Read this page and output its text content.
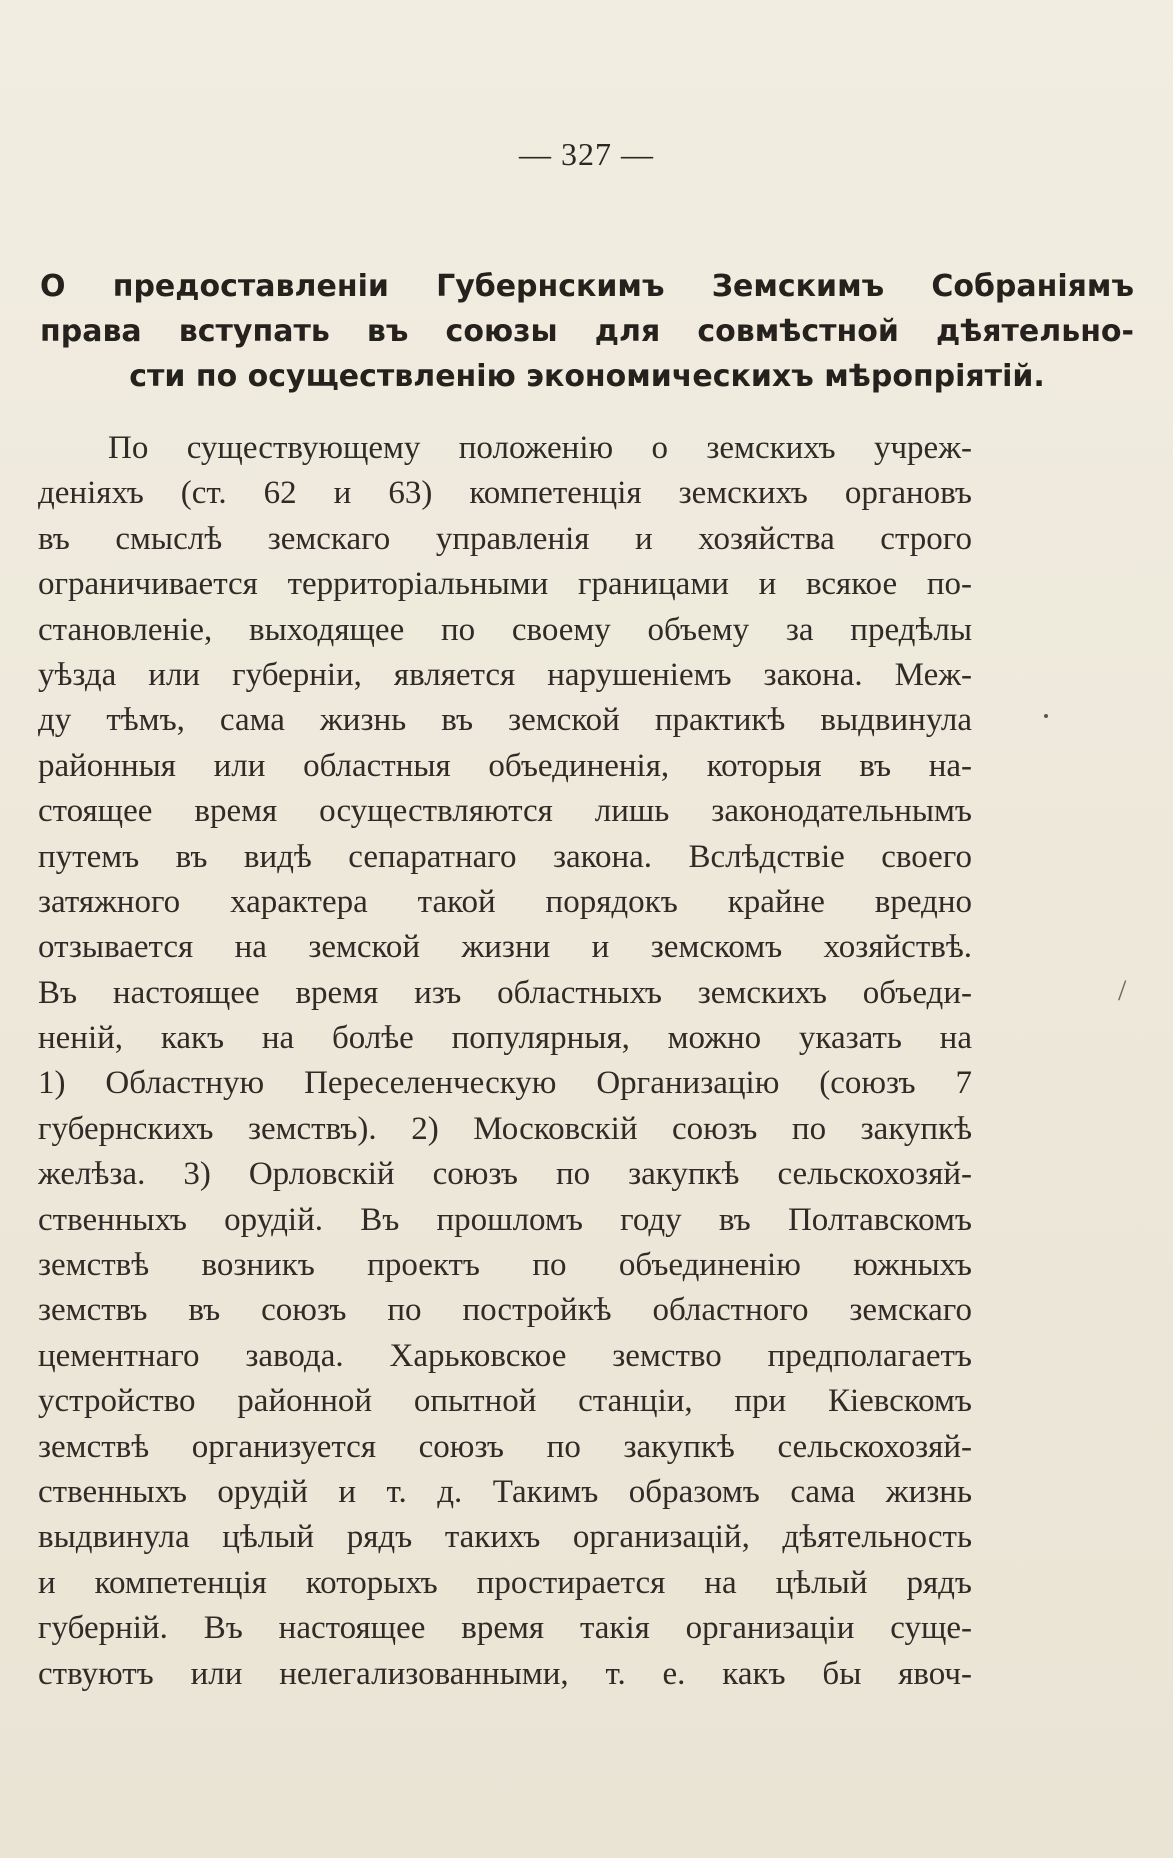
— 327 —
О предоставленіи Губернскимъ Земскимъ Собраніямъ
права вступать въ союзы для совмѣстной дѣятельно-
сти по осуществленію экономическихъ мѣропріятій.
По существующему положенію о земскихъ учреж-
деніяхъ (ст. 62 и 63) компетенція земскихъ органовъ
въ смыслѣ земскаго управленія и хозяйства строго
ограничивается территоріальными границами и всякое по-
становленіе, выходящее по своему объему за предѣлы
уѣзда или губерніи, является нарушеніемъ закона. Меж-
ду тѣмъ, сама жизнь въ земской практикѣ выдвинула
районныя или областныя объединенія, которыя въ на-
стоящее время осуществляются лишь законодательнымъ
путемъ въ видѣ сепаратнаго закона. Вслѣдствіе своего
затяжного характера такой порядокъ крайне вредно
отзывается на земской жизни и земскомъ хозяйствѣ.
Въ настоящее время изъ областныхъ земскихъ объеди-
неній, какъ на болѣе популярныя, можно указать на
1) Областную Переселенческую Организацію (союзъ 7
губернскихъ земствъ). 2) Московскій союзъ по закупкѣ
желѣза. 3) Орловскій союзъ по закупкѣ сельскохозяй-
ственныхъ орудій. Въ прошломъ году въ Полтавскомъ
земствѣ возникъ проектъ по объединенію южныхъ
земствъ въ союзъ по постройкѣ областного земскаго
цементнаго завода. Харьковское земство предполагаетъ
устройство районной опытной станціи, при Кіевскомъ
земствѣ организуется союзъ по закупкѣ сельскохозяй-
ственныхъ орудій и т. д. Такимъ образомъ сама жизнь
выдвинула цѣлый рядъ такихъ организацій, дѣятельность
и компетенція которыхъ простирается на цѣлый рядъ
губерній. Въ настоящее время такія организаціи суще-
ствуютъ или нелегализованными, т. е. какъ бы явоч-
/
